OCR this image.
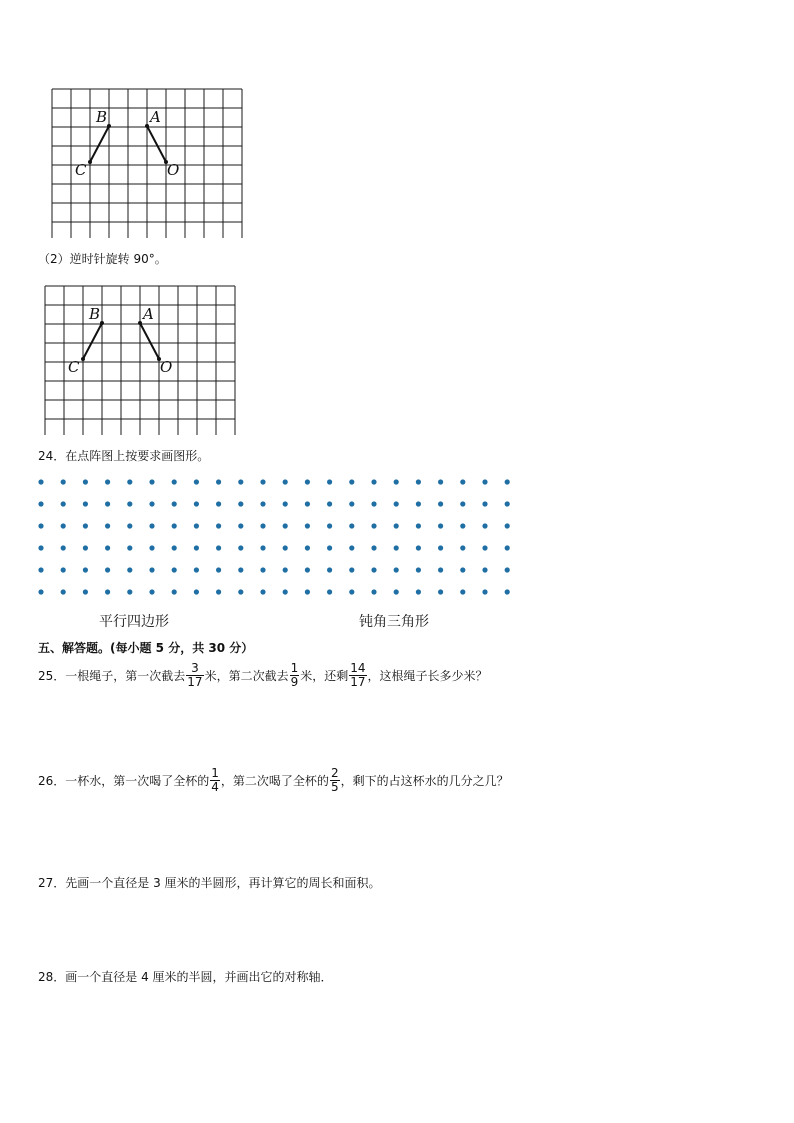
B	A
C	O
（2）逆时针旋转 90°。
B	A
C	O
24．在点阵图上按要求画图形。
平行四边形	钝角三角形
五、解答题。(每小题 5 分，共 30 分）
25．一根绳子，第一次截去 $\frac{3}{17}$ 米，第二次截去 $\frac{1}{9}$ 米，还剩 $\frac{14}{17}$ ，这根绳子长多少米？
26．一杯水，第一次喝了全杯的 $\frac{1}{4}$ ，第二次喝了全杯的 $\frac{2}{5}$ ，剩下的占这杯水的几分之几？
27．先画一个直径是 3 厘米的半圆形，再计算它的周长和面积。
28．画一个直径是 4 厘米的半圆，并画出它的对称轴．
